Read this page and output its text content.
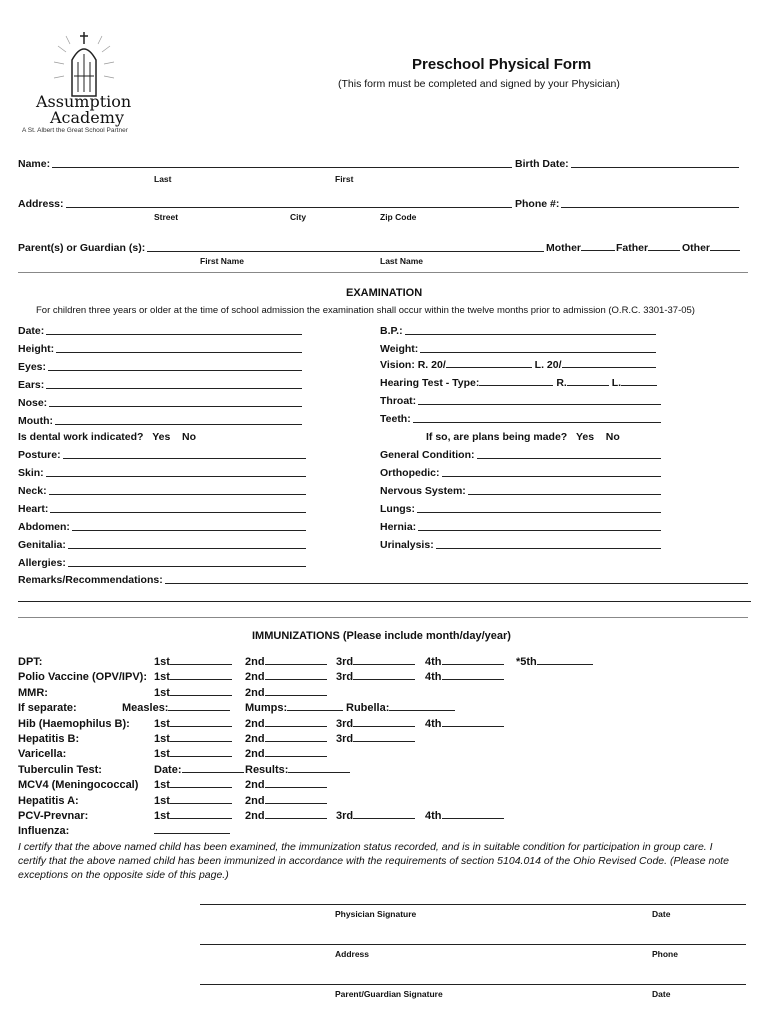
Assumption
Academy
A St. Albert the Great School Partner
Preschool Physical Form
(This form must be completed and signed by your Physician)
Name:	Birth Date:
Last	First
Address:	Phone #:
Street	City	Zip Code
Parent(s) or Guardian (s):	Mother	Father	Other
First Name	Last Name
EXAMINATION
For children three years or older at the time of school admission the examination shall occur within the twelve months prior to admission (O.R.C. 3301-37-05)
Date:
Height:
Eyes:
Ears:
Nose:
Mouth:
B.P.:
Weight:
Vision: R. 20/	L. 20/
Hearing Test - Type:	R.	L.
Throat:
Teeth:
Is dental work indicated? Yes No	If so, are plans being made? Yes No
Posture:
Skin:
Neck:
Heart:
Abdomen:
Genitalia:
Allergies:
General Condition:
Orthopedic:
Nervous System:
Lungs:
Hernia:
Urinalysis:
Remarks/Recommendations:
IMMUNIZATIONS (Please include month/day/year)
DPT:	1st	2nd	3rd	4th	*5th
Polio Vaccine (OPV/IPV): 1st	2nd	3rd	4th
MMR:	1st	2nd
If separate:	Measles:	Mumps:	Rubella:
Hib (Haemophilus B): 1st	2nd	3rd	4th
Hepatitis B:	1st	2nd	3rd
Varicella:	1st	2nd
Tuberculin Test:	Date:	Results:
MCV4 (Meningococcal) 1st	2nd
Hepatitis A:	1st	2nd
PCV-Prevnar:	1st	2nd	3rd	4th
Influenza:
I certify that the above named child has been examined, the immunization status recorded, and is in suitable condition for participation in group care. I certify that the above named child has been immunized in accordance with the requirements of section 5104.014 of the Ohio Revised Code. (Please note exceptions on the opposite side of this page.)
Physician Signature	Date
Address	Phone
Parent/Guardian Signature	Date
